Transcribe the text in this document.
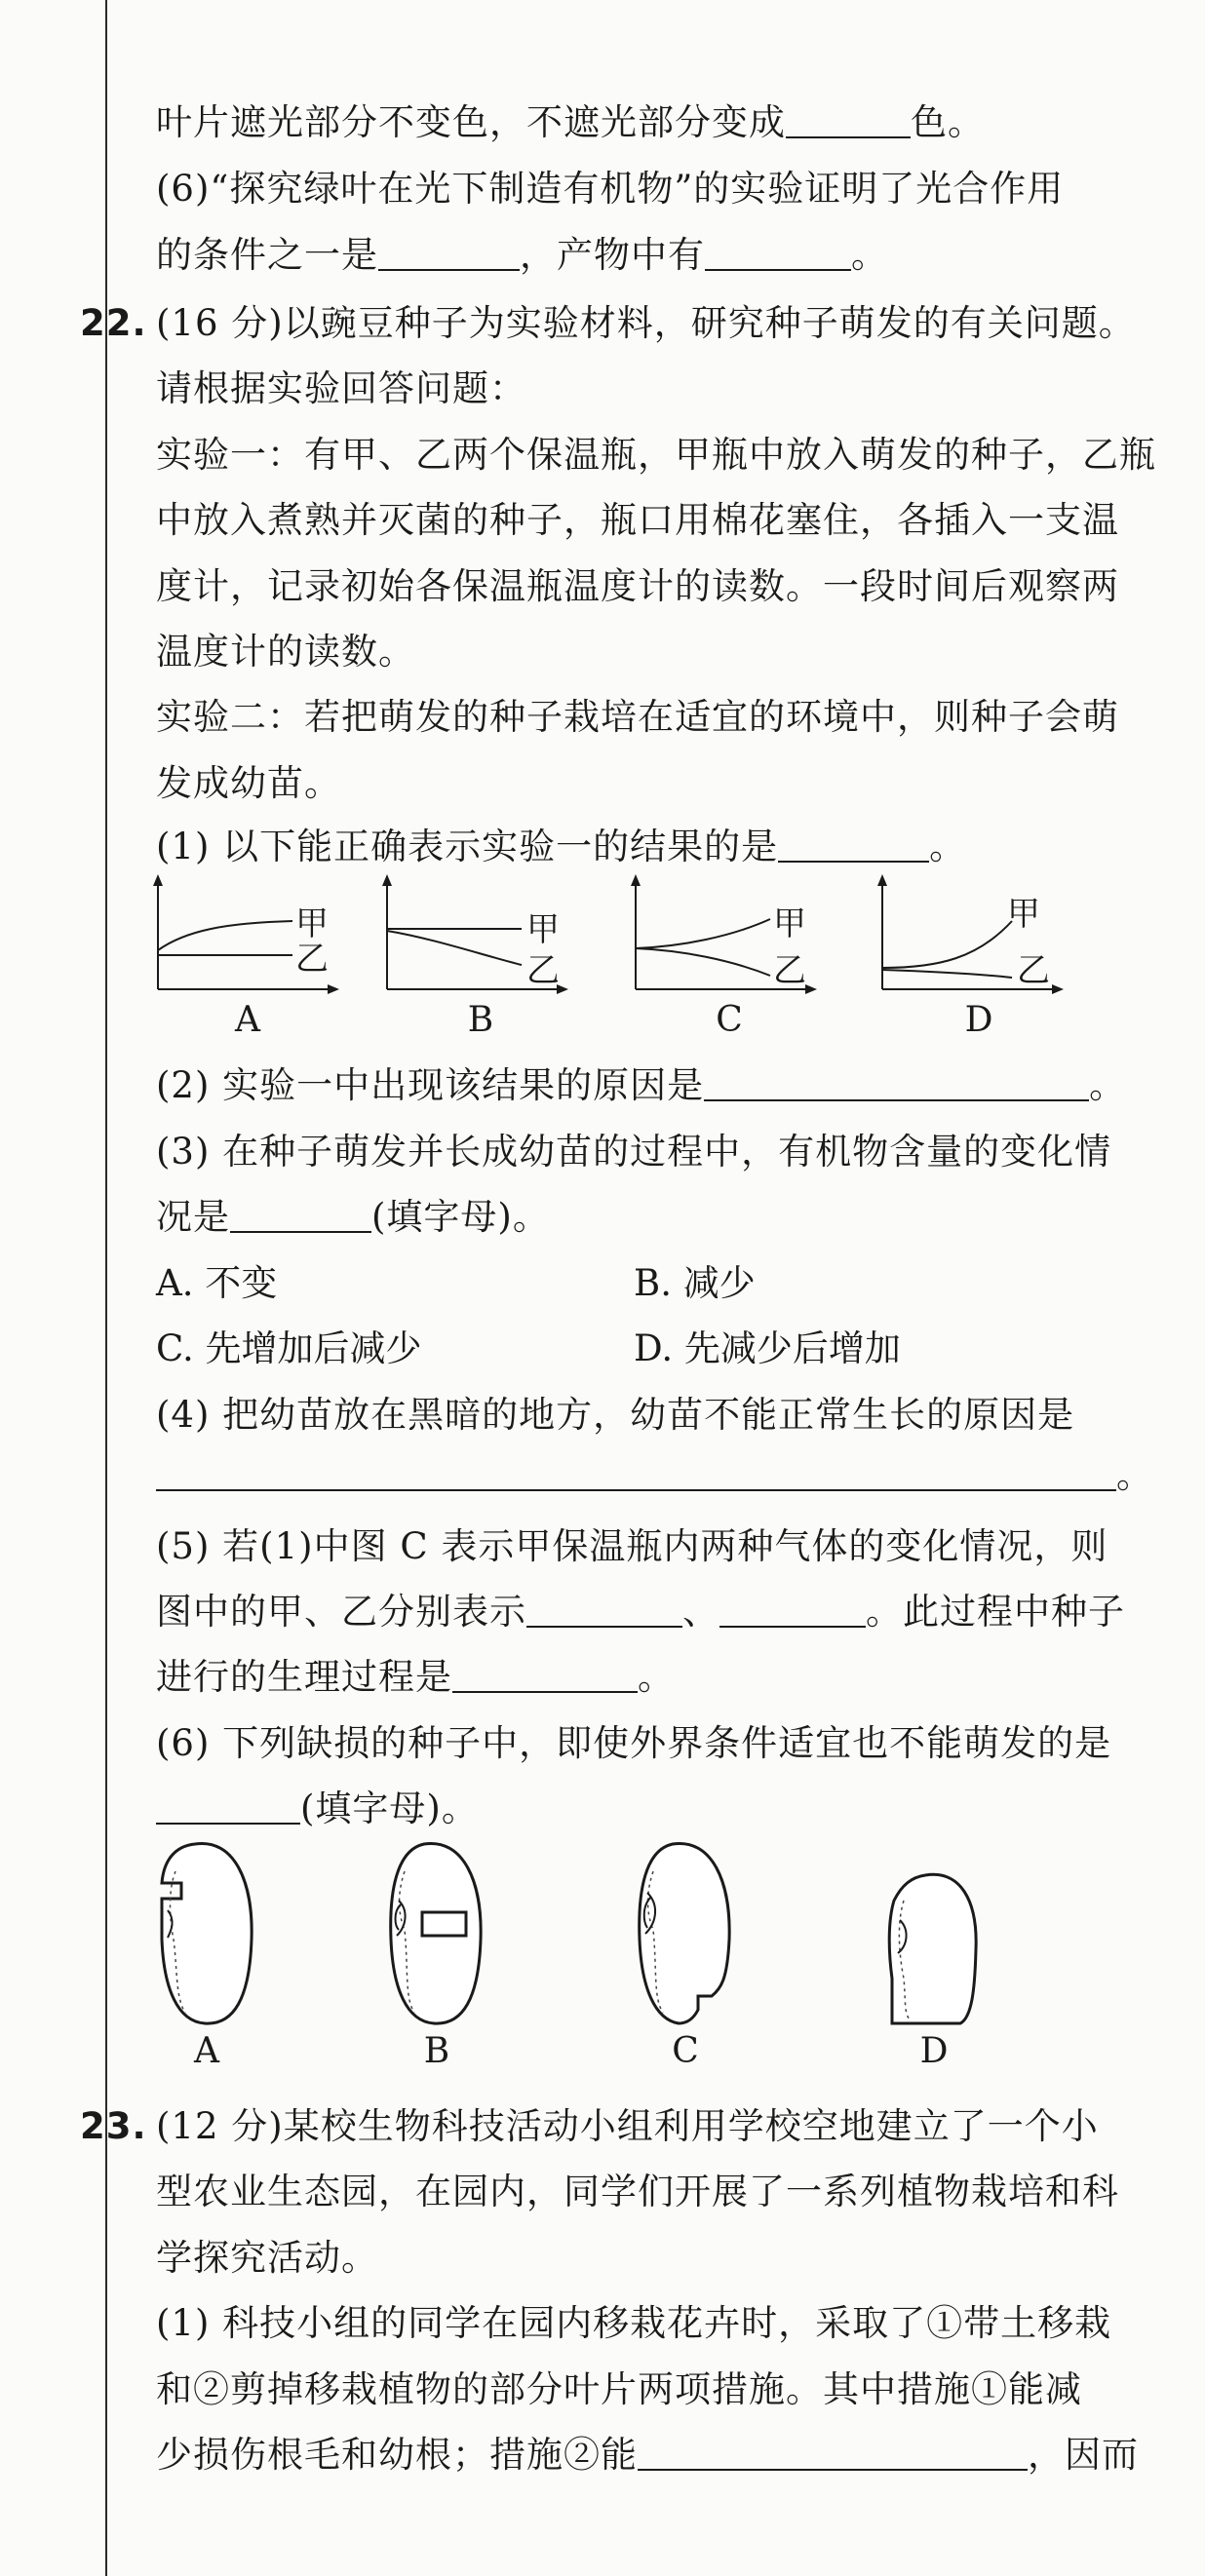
叶片遮光部分不变色，不遮光部分变成	色。
(6)“探究绿叶在光下制造有机物”的实验证明了光合作用
的条件之一是	，产物中有	。
22. (16 分)以豌豆种子为实验材料，研究种子萌发的有关问题。
请根据实验回答问题：
实验一：有甲、乙两个保温瓶，甲瓶中放入萌发的种子，乙瓶
中放入煮熟并灭菌的种子，瓶口用棉花塞住，各插入一支温
度计，记录初始各保温瓶温度计的读数。一段时间后观察两
温度计的读数。
实验二：若把萌发的种子栽培在适宜的环境中，则种子会萌
发成幼苗。
(1) 以下能正确表示实验一的结果的是	。
甲
乙
甲
乙
甲
乙
甲
乙
A	B	C	D
(2) 实验一中出现该结果的原因是	。
(3) 在种子萌发并长成幼苗的过程中，有机物含量的变化情
况是	(填字母)。
A. 不变	B. 减少
C. 先增加后减少	D. 先减少后增加
(4) 把幼苗放在黑暗的地方，幼苗不能正常生长的原因是
。
(5) 若(1)中图 C 表示甲保温瓶内两种气体的变化情况，则
图中的甲、乙分别表示	、	。此过程中种子
进行的生理过程是	。
(6) 下列缺损的种子中，即使外界条件适宜也不能萌发的是
(填字母)。
A	B	C	D
23. (12 分)某校生物科技活动小组利用学校空地建立了一个小
型农业生态园，在园内，同学们开展了一系列植物栽培和科
学探究活动。
(1) 科技小组的同学在园内移栽花卉时，采取了①带土移栽
和②剪掉移栽植物的部分叶片两项措施。其中措施①能减
少损伤根毛和幼根；措施②能	，因而
